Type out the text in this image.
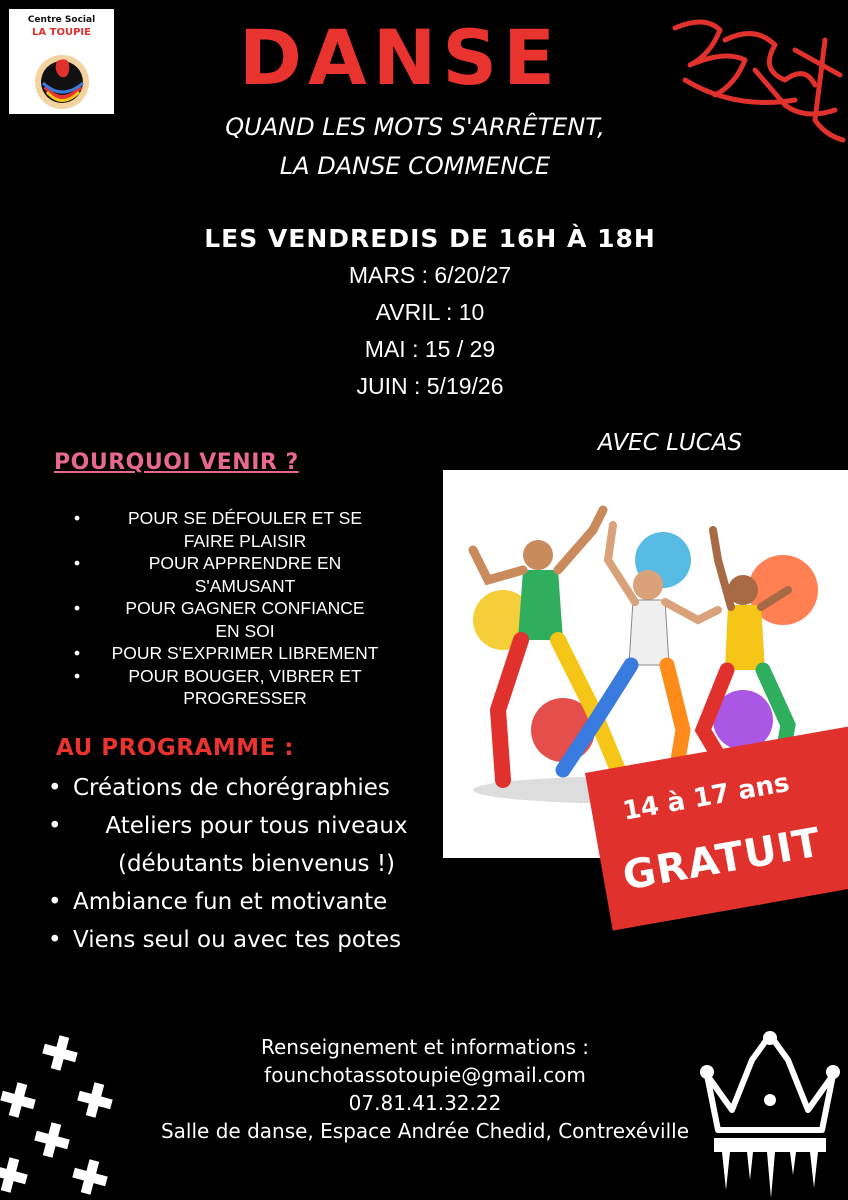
Centre Social
LA TOUPIE	DANSE
QUAND LES MOTS S'ARRÊTENT,
LA DANSE COMMENCE
LES VENDREDIS DE 16H À 18H
MARS : 6/20/27
AVRIL : 10
MAI : 15 / 29
JUIN : 5/19/26
AVEC LUCAS
POURQUOI VENIR ?
• POUR SE DÉFOULER ET SE
FAIRE PLAISIR
• POUR APPRENDRE EN
S'AMUSANT
• POUR GAGNER CONFIANCE
EN SOI
• POUR S'EXPRIMER LIBREMENT
• POUR BOUGER, VIBRER ET
PROGRESSER
AU PROGRAMME :
• Créations de chorégraphies
•	Ateliers pour tous niveaux
(débutants bienvenus !)
• Ambiance fun et motivante
• Viens seul ou avec tes potes
14 à 17 ans
GRATUIT
Renseignement et informations :
founchotassotoupie@gmail.com
07.81.41.32.22
Salle de danse, Espace Andrée Chedid, Contrexéville
